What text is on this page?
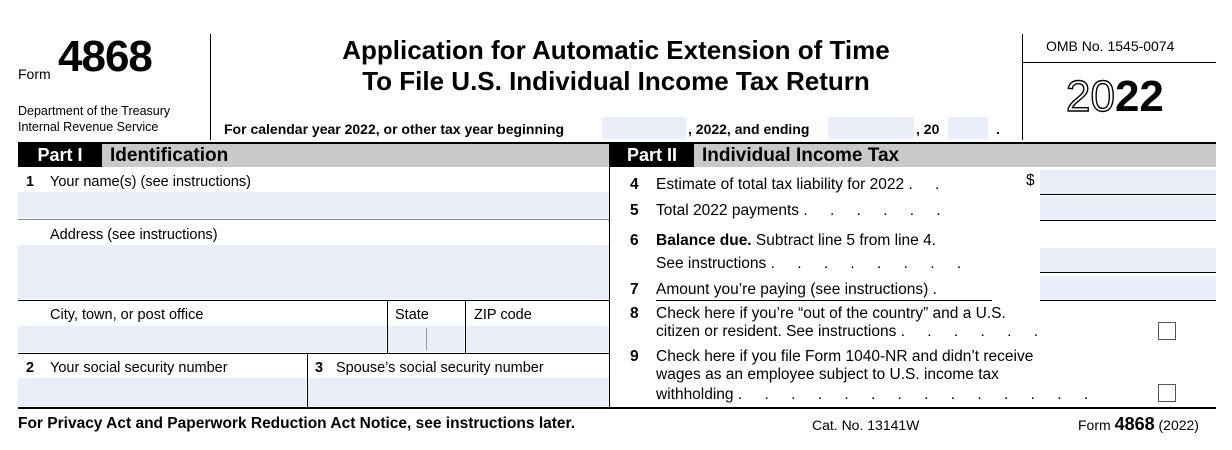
Form 4868
Department of the Treasury
Internal Revenue Service
Application for Automatic Extension of Time
To File U.S. Individual Income Tax Return
For calendar year 2022, or other tax year beginning	, 2022, and ending	, 20	.
OMB No. 1545-0074
2022
Part I	Identification	Part II	Individual Income Tax
1 Your name(s) (see instructions)
Address (see instructions)
City, town, or post office	State	ZIP code
2 Your social security number	3 Spouse’s social security number
4 Estimate of total tax liability for 2022 . .	$
5 Total 2022 payments . . . . . .
6 Balance due. Subtract line 5 from line 4.
See instructions . . . . . . . .
7 Amount you’re paying (see instructions) .
8 Check here if you’re “out of the country” and a U.S.
citizen or resident. See instructions . . . . . .
9 Check here if you file Form 1040-NR and didn’t receive
wages as an employee subject to U.S. income tax
withholding . . . . . . . . . . . . . .
For Privacy Act and Paperwork Reduction Act Notice, see instructions later.	Cat. No. 13141W	Form 4868 (2022)
